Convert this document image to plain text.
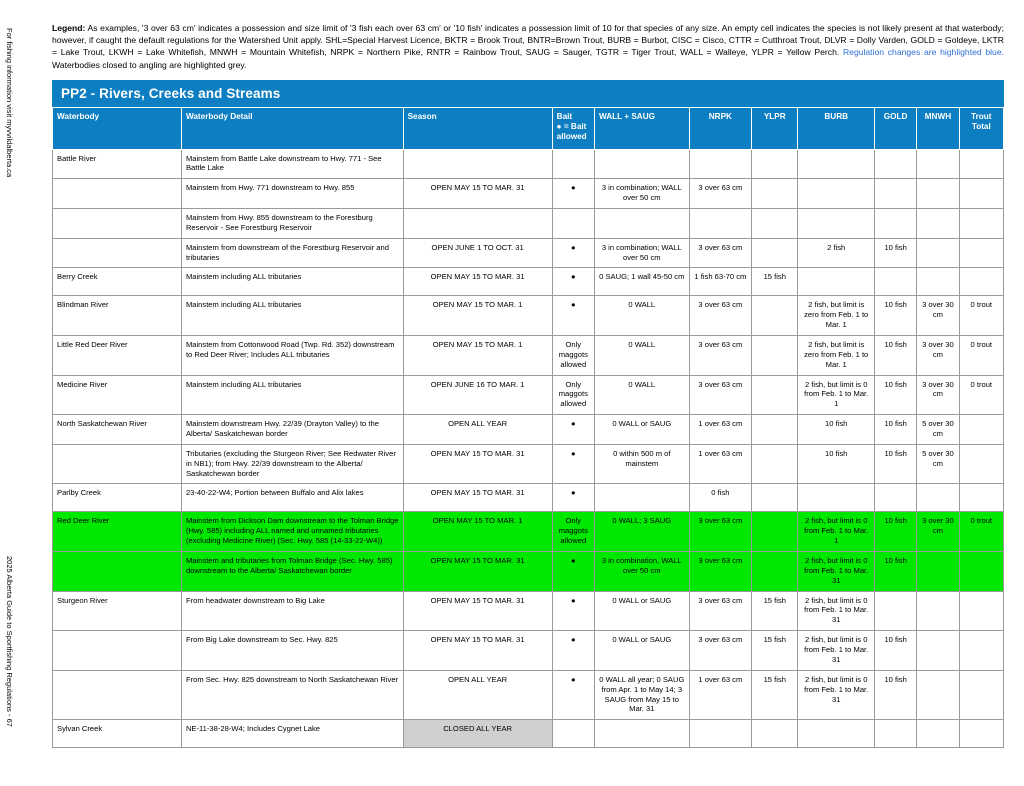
For fishing information visit myvvildalberta.ca
2025 Alberta Guide to Sportfishing Regulations - 67
Legend: As examples, '3 over 63 cm' indicates a possession and size limit of '3 fish each over 63 cm' or '10 fish' indicates a possession limit of 10 for that species of any size. An empty cell indicates the species is not likely present at that waterbody; however, if caught the default regulations for the Watershed Unit apply. SHL=Special Harvest Licence, BKTR = Brook Trout, BNTR=Brown Trout, BURB = Burbot, CISC = Cisco, CTTR = Cutthroat Trout, DLVR = Dolly Varden, GOLD = Goldeye, LKTR = Lake Trout, LKWH = Lake Whitefish, MNWH = Mountain Whitefish, NRPK = Northern Pike, RNTR = Rainbow Trout, SAUG = Sauger, TGTR = Tiger Trout, WALL = Walleye, YLPR = Yellow Perch. Regulation changes are highlighted blue. Waterbodies closed to angling are highlighted grey.
PP2 - Rivers, Creeks and Streams
Waterbody	Waterbody Detail	Season	Bait
● = Bait
allowed	WALL + SAUG	NRPK	YLPR	BURB	GOLD	MNWH	Trout Total
Battle River	Mainstem from Battle Lake downstream to Hwy. 771 - See Battle Lake									
	Mainstem from Hwy. 771 downstream to Hwy. 855	OPEN MAY 15 TO MAR. 31	●	3 in combination; WALL over 50 cm	3 over 63 cm					
	Mainstem from Hwy. 855 downstream to the Forestburg Reservoir - See Forestburg Reservoir									
	Mainstem from downstream of the Forestburg Reservoir and tributaries	OPEN JUNE 1 TO OCT. 31	●	3 in combination; WALL over 50 cm	3 over 63 cm		2 fish	10 fish		
Berry Creek	Mainstem including ALL tributaries	OPEN MAY 15 TO MAR. 31	●	0 SAUG; 1 wall 45-50 cm	1 fish 63-70 cm	15 fish				
Blindman River	Mainstem including ALL tributaries	OPEN MAY 15 TO MAR. 1	●	0 WALL	3 over 63 cm		2 fish, but limit is zero from Feb. 1 to Mar. 1	10 fish	3 over 30 cm	0 trout
Little Red Deer River	Mainstem from Cottonwood Road (Twp. Rd. 352) downstream to Red Deer River; Includes ALL tributaries	OPEN MAY 15 TO MAR. 1	Only maggots allowed	0 WALL	3 over 63 cm		2 fish, but limit is zero from Feb. 1 to Mar. 1	10 fish	3 over 30 cm	0 trout
Medicine River	Mainstem including ALL tributaries	OPEN JUNE 16 TO MAR. 1	Only maggots allowed	0 WALL	3 over 63 cm		2 fish, but limit is 0 from Feb. 1 to Mar. 1	10 fish	3 over 30 cm	0 trout
North Saskatchewan River	Mainstem downstream Hwy. 22/39 (Drayton Valley) to the Alberta/ Saskatchewan border	OPEN ALL YEAR	●	0 WALL or SAUG	1 over 63 cm		10 fish	10 fish	5 over 30 cm	
	Tributaries (excluding the Sturgeon River; See Redwater River in NB1); from Hwy. 22/39 downstream to the Alberta/ Saskatchewan border	OPEN MAY 15 TO MAR. 31	●	0 within 500 m of mainstem	1 over 63 cm		10 fish	10 fish	5 over 30 cm	
Parlby Creek	23-40-22-W4; Portion between Buffalo and Alix lakes	OPEN MAY 15 TO MAR. 31	●		0 fish					
Red Deer River	Mainstem from Dickson Dam downstream to the Tolman Bridge (Hwy. 585) including ALL named and unnamed tributaries (excluding Medicine River) (Sec. Hwy. 585 (14-33-22-W4))	OPEN MAY 15 TO MAR. 1	Only maggots allowed	0 WALL; 3 SAUG	3 over 63 cm		2 fish, but limit is 0 from Feb. 1 to Mar. 1	10 fish	3 over 30 cm	0 trout
	Mainstem and tributaries from Tolman Bridge (Sec. Hwy. 585) downstream to the Alberta/ Saskatchewan border	OPEN MAY 15 TO MAR. 31	●	3 in combination, WALL over 50 cm	3 over 63 cm		2 fish, but limit is 0 from Feb. 1 to Mar. 31	10 fish		
Sturgeon River	From headwater downstream to Big Lake	OPEN MAY 15 TO MAR. 31	●	0 WALL or SAUG	3 over 63 cm	15 fish	2 fish, but limit is 0 from Feb. 1 to Mar. 31			
	From Big Lake downstream to Sec. Hwy. 825	OPEN MAY 15 TO MAR. 31	●	0 WALL or SAUG	3 over 63 cm	15 fish	2 fish, but limit is 0 from Feb. 1 to Mar. 31	10 fish		
	From Sec. Hwy. 825 downstream to North Saskatchewan River	OPEN ALL YEAR	●	0 WALL all year; 0 SAUG from Apr. 1 to May 14; 3 SAUG from May 15 to Mar. 31	1 over 63 cm	15 fish	2 fish, but limit is 0 from Feb. 1 to Mar. 31	10 fish		
Sylvan Creek	NE-11-38-28-W4; Includes Cygnet Lake	CLOSED ALL YEAR								
